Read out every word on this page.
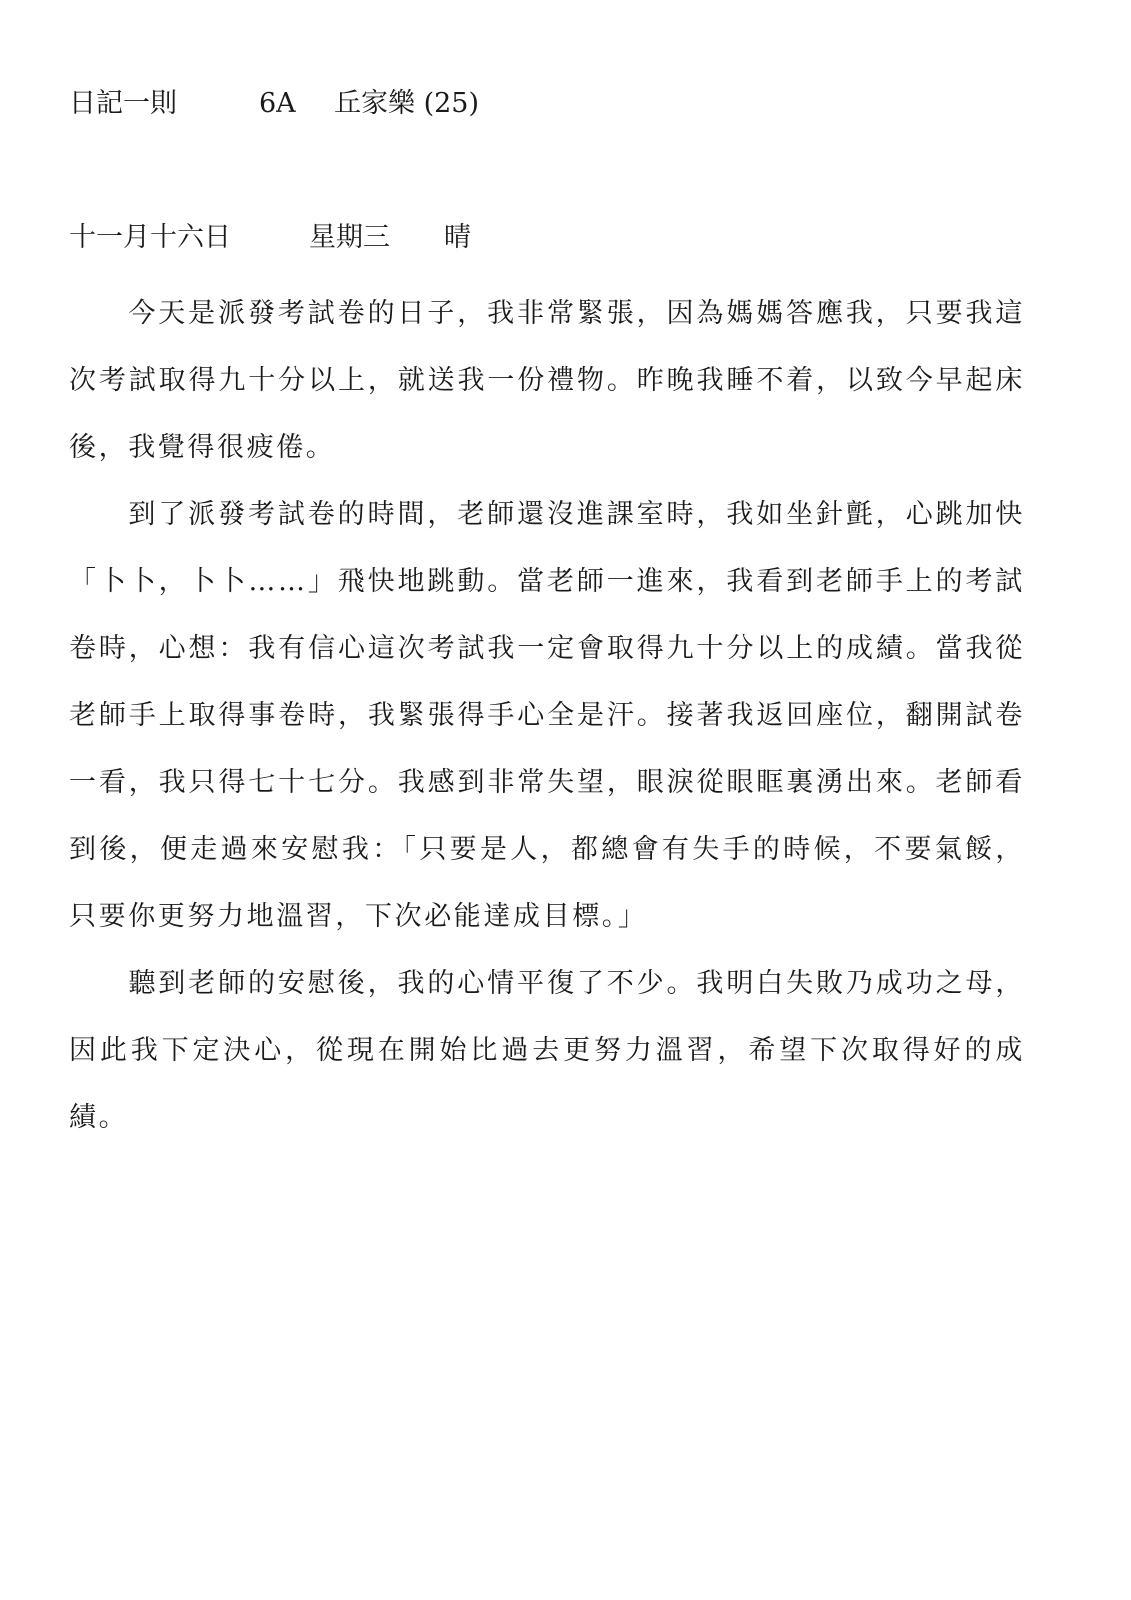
日記一則	6A 丘家樂 (25)
十一月十六日	星期三 晴

今天是派發考試卷的日子，我非常緊張，因為媽媽答應我，只要我這次考試取得九十分以上，就送我一份禮物。昨晚我睡不着，以致今早起床後，我覺得很疲倦。

到了派發考試卷的時間，老師還沒進課室時，我如坐針氈，心跳加快「卜卜，卜卜……」飛快地跳動。當老師一進來，我看到老師手上的考試卷時，心想：我有信心這次考試我一定會取得九十分以上的成績。當我從老師手上取得事卷時，我緊張得手心全是汗。接著我返回座位，翻開試卷一看，我只得七十七分。我感到非常失望，眼淚從眼眶裏湧出來。老師看到後，便走過來安慰我：「只要是人，都總會有失手的時候，不要氣餒，只要你更努力地溫習，下次必能達成目標。」

聽到老師的安慰後，我的心情平復了不少。我明白失敗乃成功之母，因此我下定決心，從現在開始比過去更努力溫習，希望下次取得好的成績。
